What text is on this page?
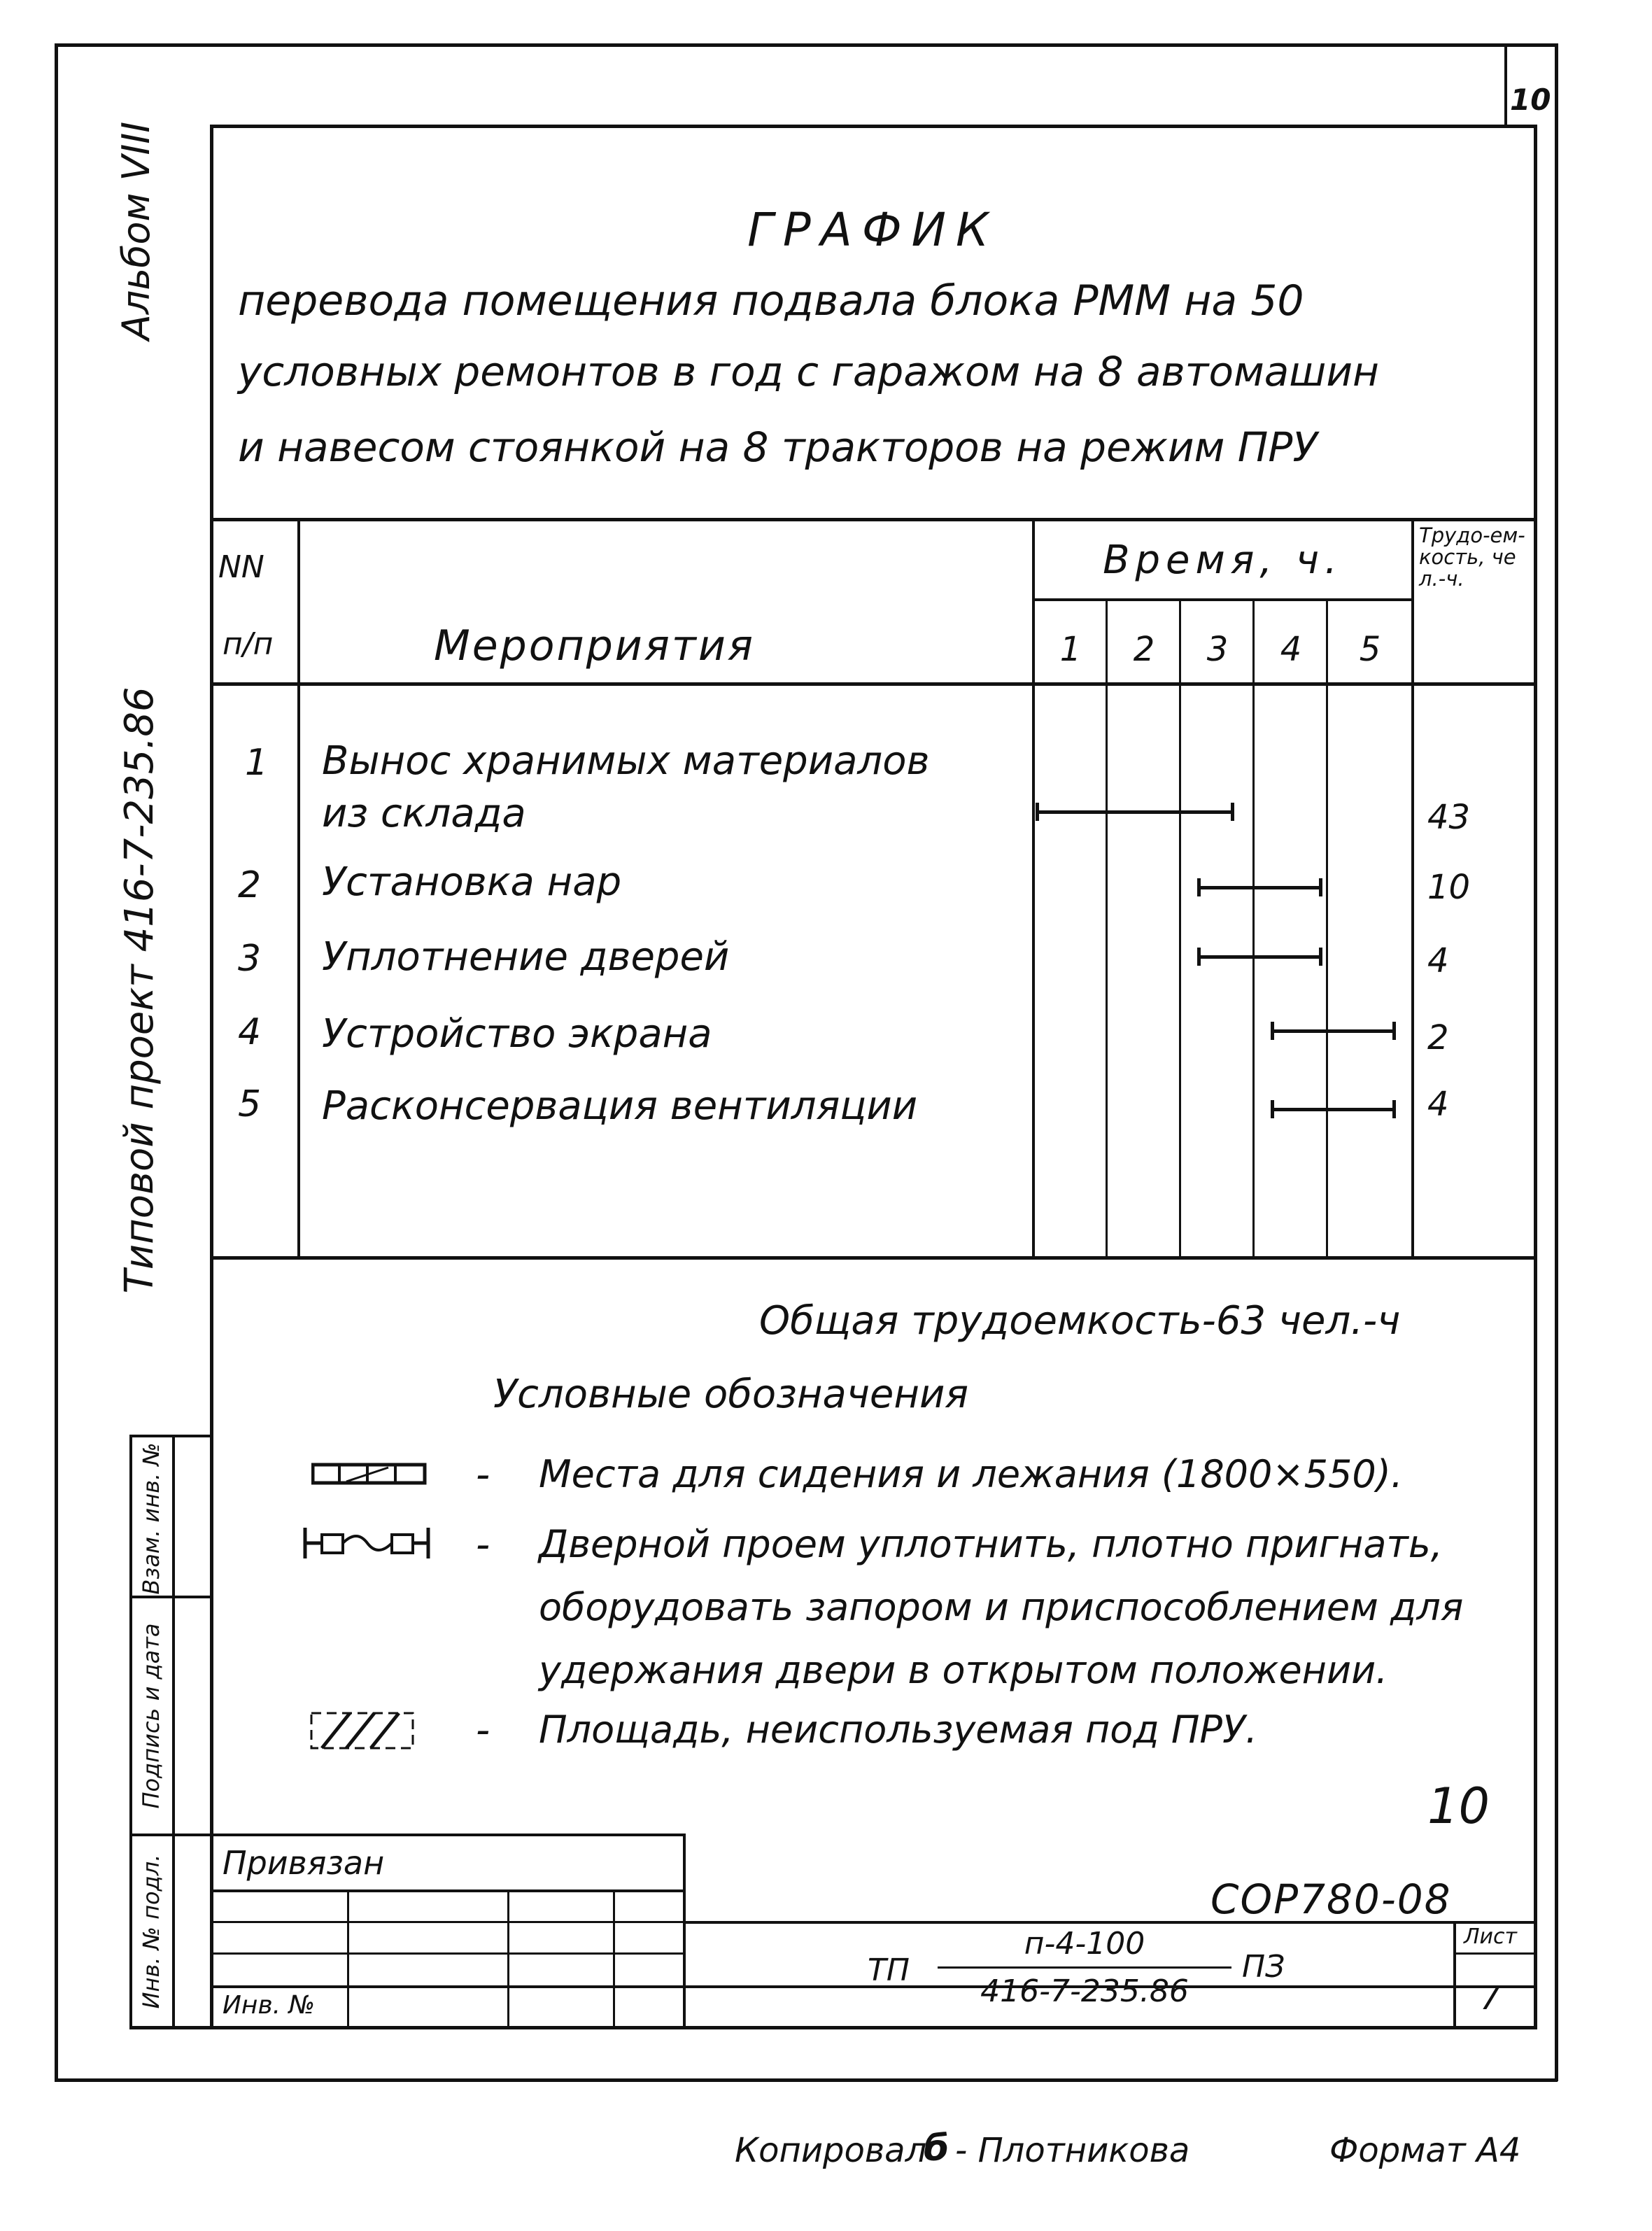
10
Альбом VIII
Типовой проект 416-7-235.86
Взам. инв. №
Подпись и дата
Инв. № подл.
ГРАФИК
перевода помещения подвала блока РММ на 50
условных ремонтов в год с гаражом на 8 автомашин
и навесом стоянкой на 8 тракторов на режим ПРУ
NN
п/п	Мероприятия
Время, ч.
Трудо-ем-кость, чел.-ч.
1	2	3	4	5
1 Вынос хранимых материалов
из склада	43
2 Установка нар	10
3 Уплотнение дверей	4
4 Устройство экрана	2
5 Расконсервация вентиляции	4
Общая трудоемкость-63 чел.-ч
Условные обозначения
- Места для сидения и лежания (1800×550).
- Дверной проем уплотнить, плотно пригнать,
оборудовать запором и приспособлением для
удержания двери в открытом положении.
- Площадь, неиспользуемая под ПРУ.
10
Привязан
Инв. №
СОР780-08
ТП
п-4-100
416-7-235.86
ПЗ
Лист
7
Копировал
б - Плотникова	Формат А4
